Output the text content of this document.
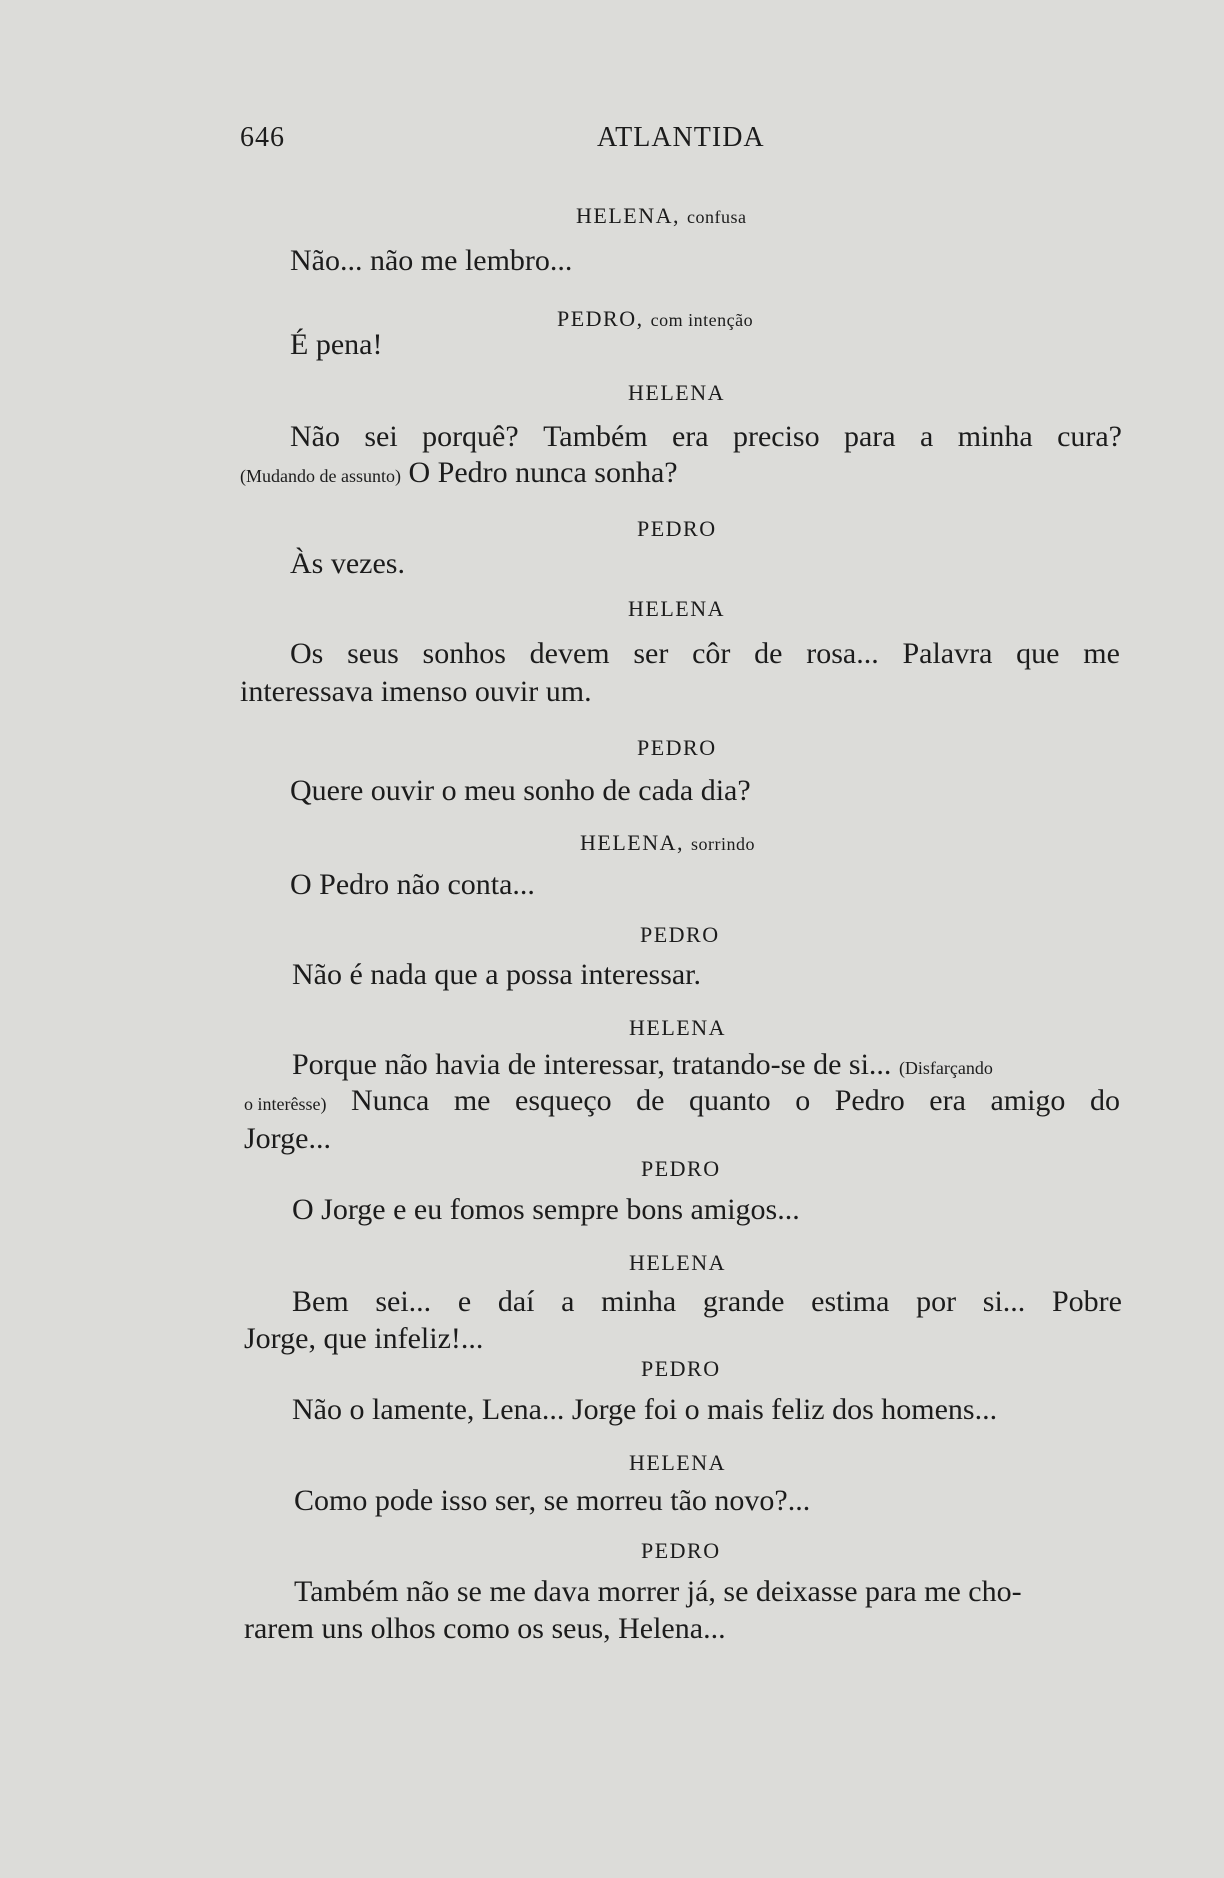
646	ATLANTIDA
HELENA, confusa
Não... não me lembro...
PEDRO, com intenção
É pena!
HELENA
Não sei porquê? Também era preciso para a minha cura?
(Mudando de assunto) O Pedro nunca sonha?
PEDRO
Às vezes.
HELENA
Os seus sonhos devem ser côr de rosa... Palavra que me
interessava imenso ouvir um.
PEDRO
Quere ouvir o meu sonho de cada dia?
HELENA, sorrindo
O Pedro não conta...
PEDRO
Não é nada que a possa interessar.
HELENA
Porque não havia de interessar, tratando-se de si... (Disfarçando
o interêsse) Nunca me esqueço de quanto o Pedro era amigo do
Jorge...
PEDRO
O Jorge e eu fomos sempre bons amigos...
HELENA
Bem sei... e daí a minha grande estima por si... Pobre
Jorge, que infeliz!...
PEDRO
Não o lamente, Lena... Jorge foi o mais feliz dos homens...
HELENA
Como pode isso ser, se morreu tão novo?...
PEDRO
Também não se me dava morrer já, se deixasse para me cho-
rarem uns olhos como os seus, Helena...
